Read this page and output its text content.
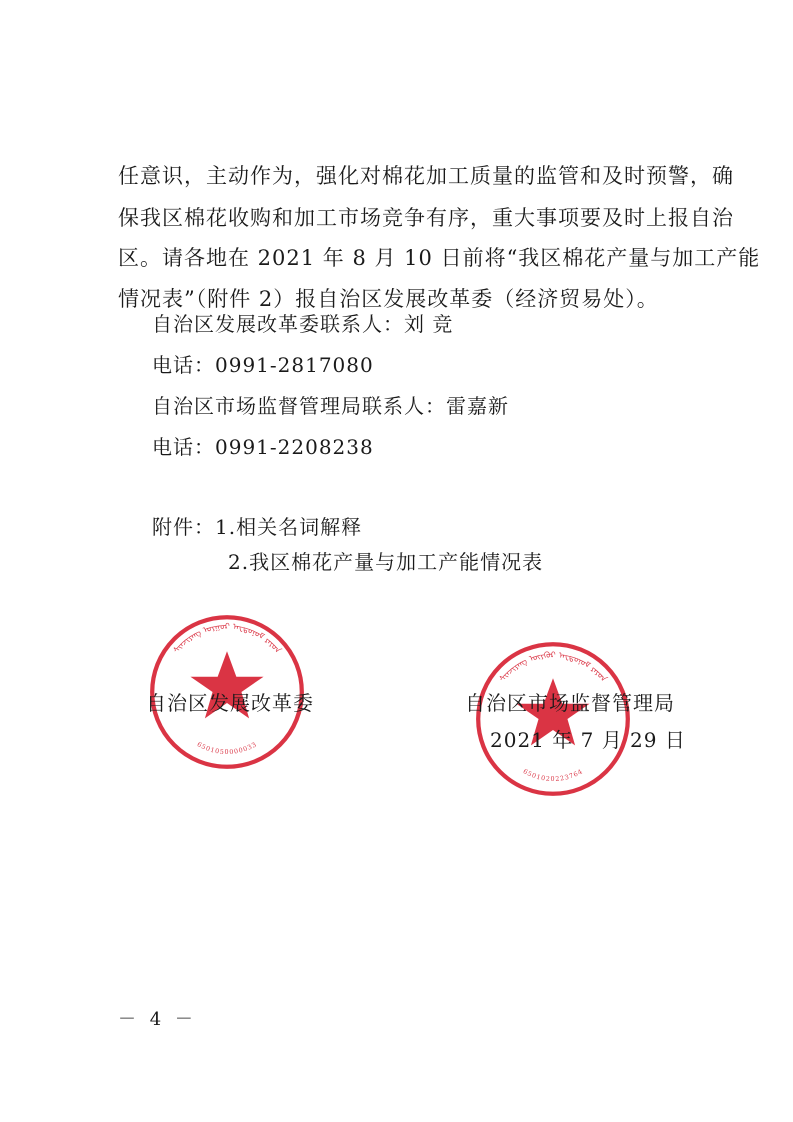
任意识，主动作为，强化对棉花加工质量的监管和及时预警，确
保我区棉花收购和加工市场竞争有序，重大事项要及时上报自治
区。请各地在 2021 年 8 月 10 日前将“我区棉花产量与加工产能
情况表”（附件 2）报自治区发展改革委（经济贸易处）。
自治区发展改革委联系人：刘 竞
电话：0991-2817080
自治区市场监督管理局联系人：雷嘉新
电话：0991-2208238
附件：1.相关名词解释
2.我区棉花产量与加工产能情况表
ᠱᠢᠨᠵᠢᠶᠠᠩ ᠤᠶᠭᠤᠷ ᠠᠸᠲᠣᠨᠣᠮ ᠷᠠᠶᠤᠨ
6501050000033
ᠱᠢᠨᠵᠢᠶᠠᠩ ᠦᠶᠭᠦᠷ ᠠᠸᠲᠣᠨᠣᠮ ᠷᠠᠶᠤᠨ
6501020223764
自治区发展改革委	自治区市场监督管理局
2021 年 7 月 29 日
－ 4 －
